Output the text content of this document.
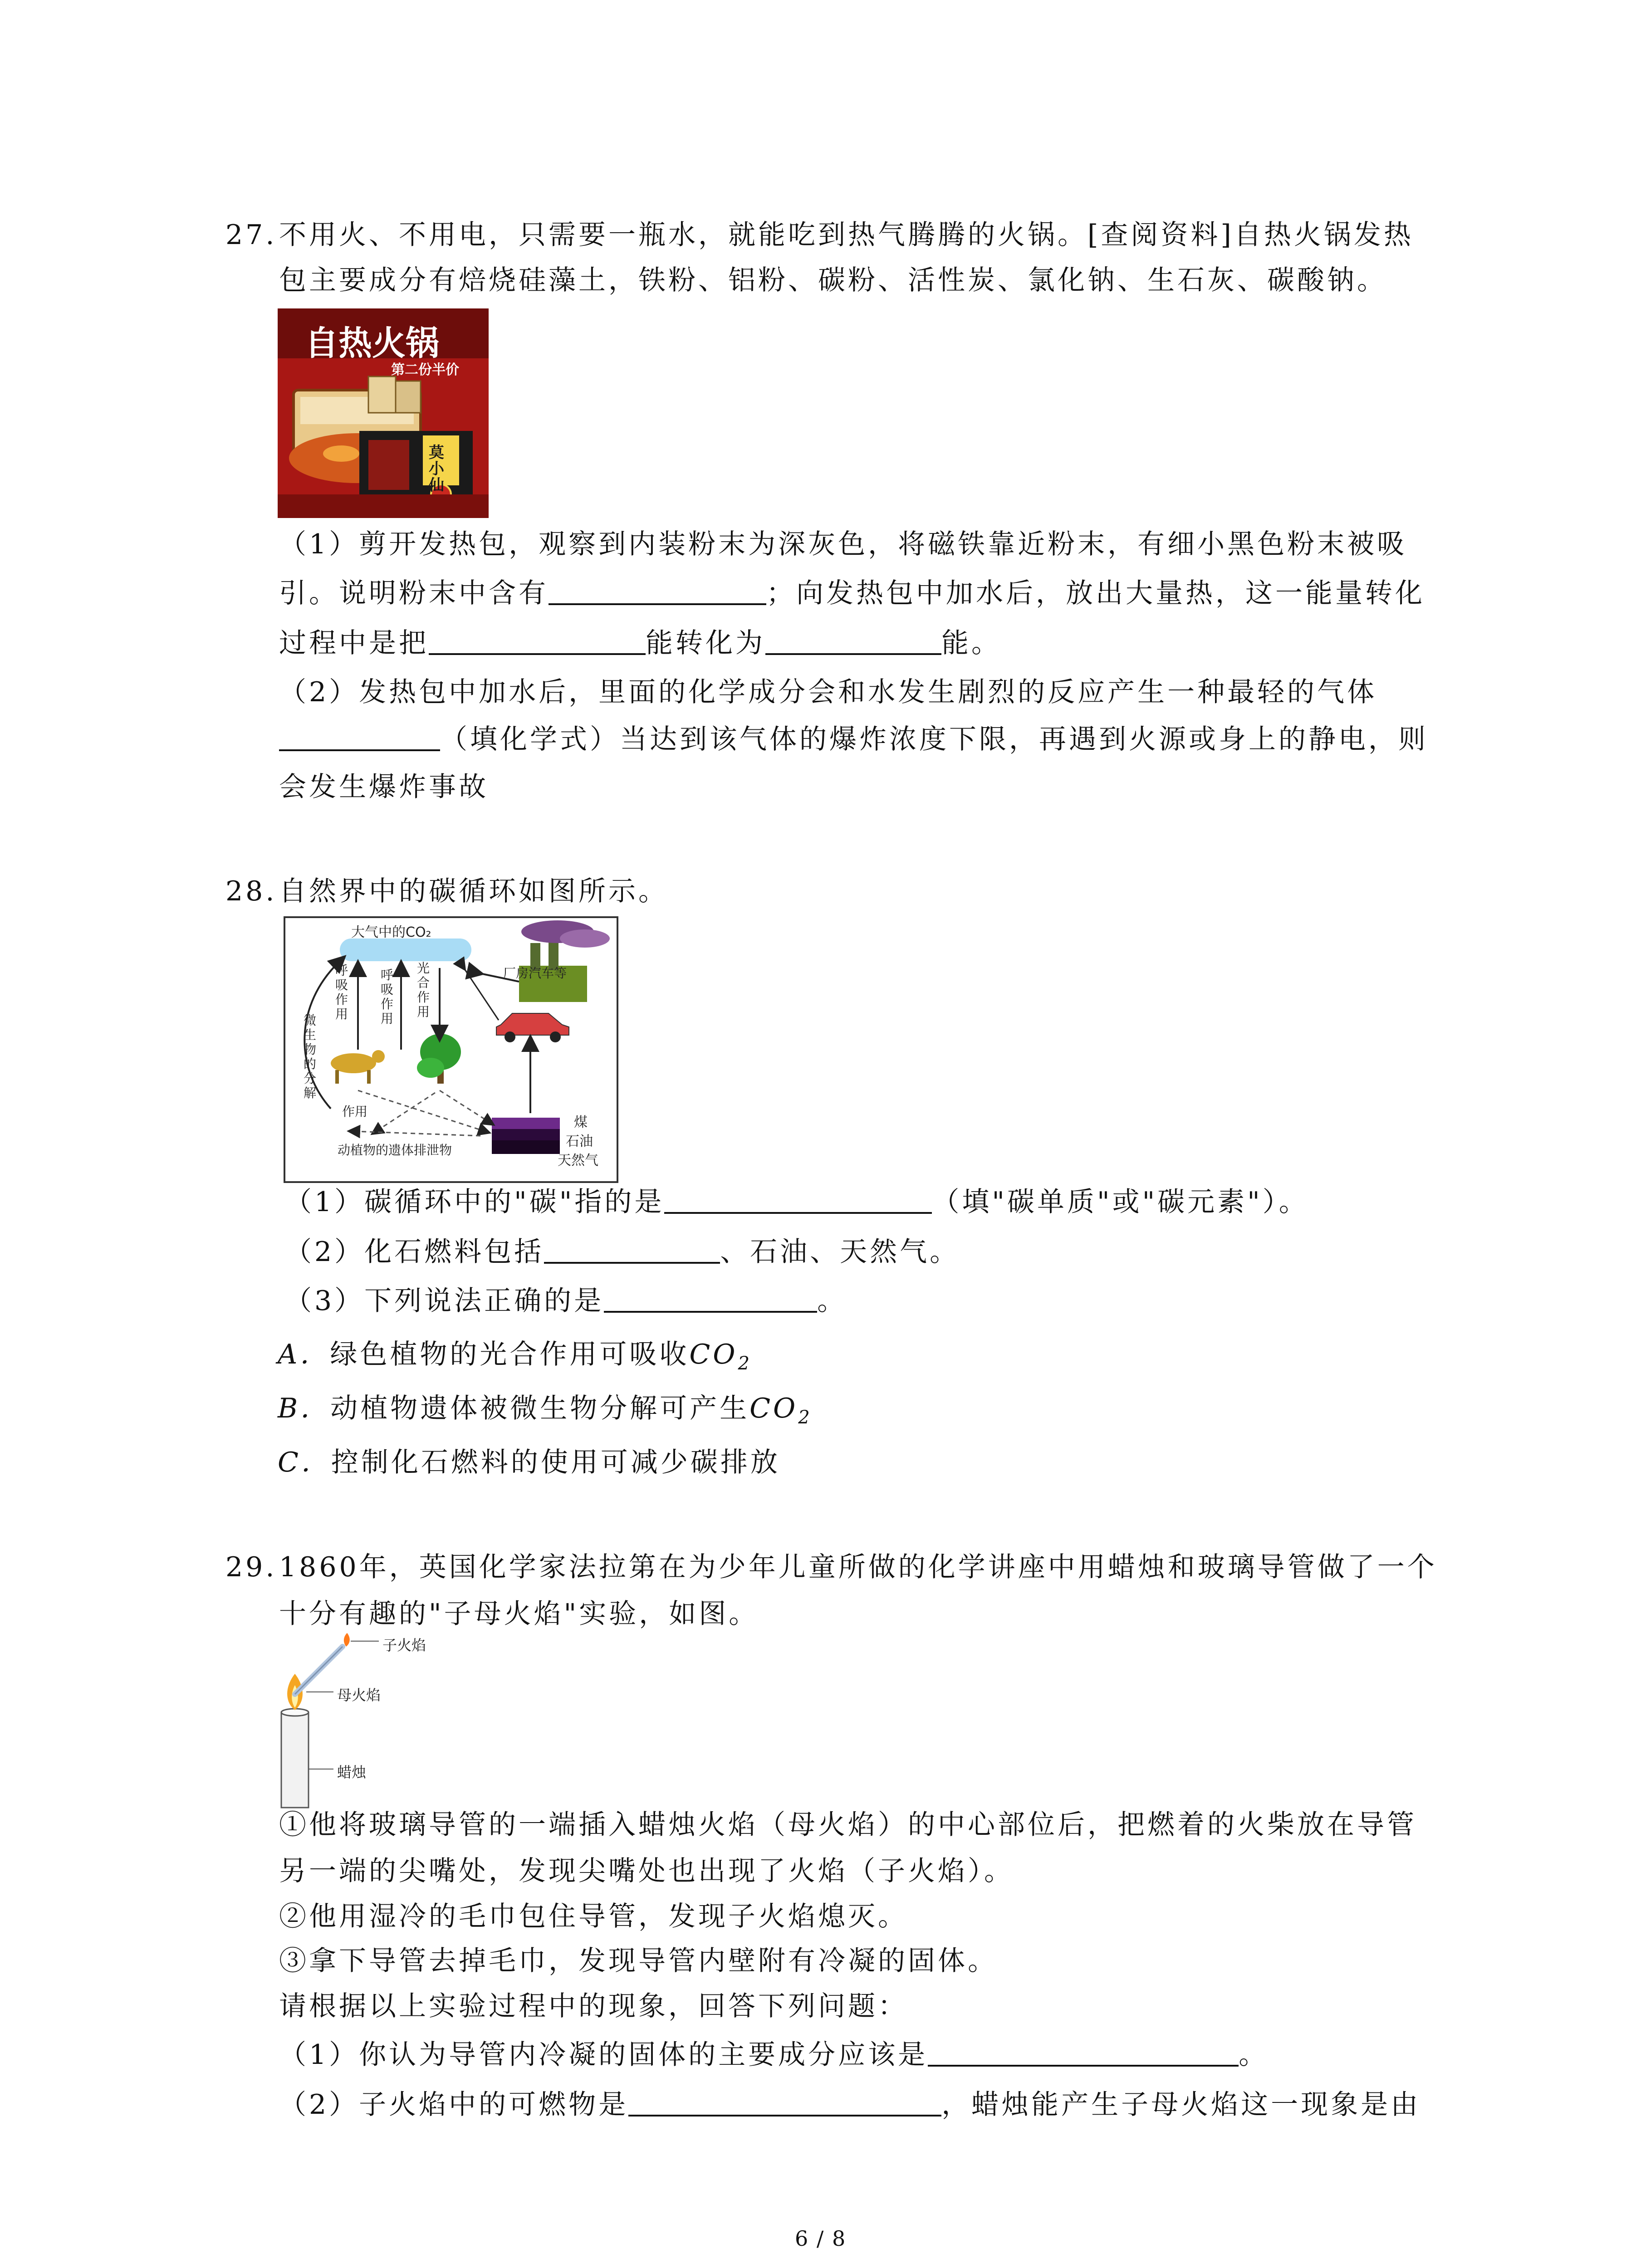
27.不用火、不用电，只需要一瓶水，就能吃到热气腾腾的火锅。[查阅资料]自热火锅发热
包主要成分有焙烧硅藻土，铁粉、铝粉、碳粉、活性炭、氯化钠、生石灰、碳酸钠。
自热火锅
第二份半价
莫小仙
（1）剪开发热包，观察到内装粉末为深灰色，将磁铁靠近粉末，有细小黑色粉末被吸
引。说明粉末中含有	；向发热包中加水后，放出大量热，这一能量转化
过程中是把	能转化为	能。
（2）发热包中加水后，里面的化学成分会和水发生剧烈的反应产生一种最轻的气体
（填化学式）当达到该气体的爆炸浓度下限，再遇到火源或身上的静电，则
会发生爆炸事故
28.自然界中的碳循环如图所示。
大气中的CO₂
厂房汽车等
呼
吸
作
用
呼
吸
作
用
光
合
作
用
微
生
物
的
分
解
作用
动植物的遗体排泄物
煤
石油
天然气
（1）碳循环中的"碳"指的是	（填"碳单质"或"碳元素"）。
（2）化石燃料包括	、石油、天然气。
（3）下列说法正确的是	。
A．绿色植物的光合作用可吸收$CO_2$
B．动植物遗体被微生物分解可产生$CO_2$
C．控制化石燃料的使用可减少碳排放
29.1860年，英国化学家法拉第在为少年儿童所做的化学讲座中用蜡烛和玻璃导管做了一个
十分有趣的"子母火焰"实验，如图。
子火焰
母火焰
蜡烛
①他将玻璃导管的一端插入蜡烛火焰（母火焰）的中心部位后，把燃着的火柴放在导管
另一端的尖嘴处，发现尖嘴处也出现了火焰（子火焰）。
②他用湿冷的毛巾包住导管，发现子火焰熄灭。
③拿下导管去掉毛巾，发现导管内壁附有冷凝的固体。
请根据以上实验过程中的现象，回答下列问题：
（1）你认为导管内冷凝的固体的主要成分应该是	。
（2）子火焰中的可燃物是	，蜡烛能产生子母火焰这一现象是由
6 / 8
